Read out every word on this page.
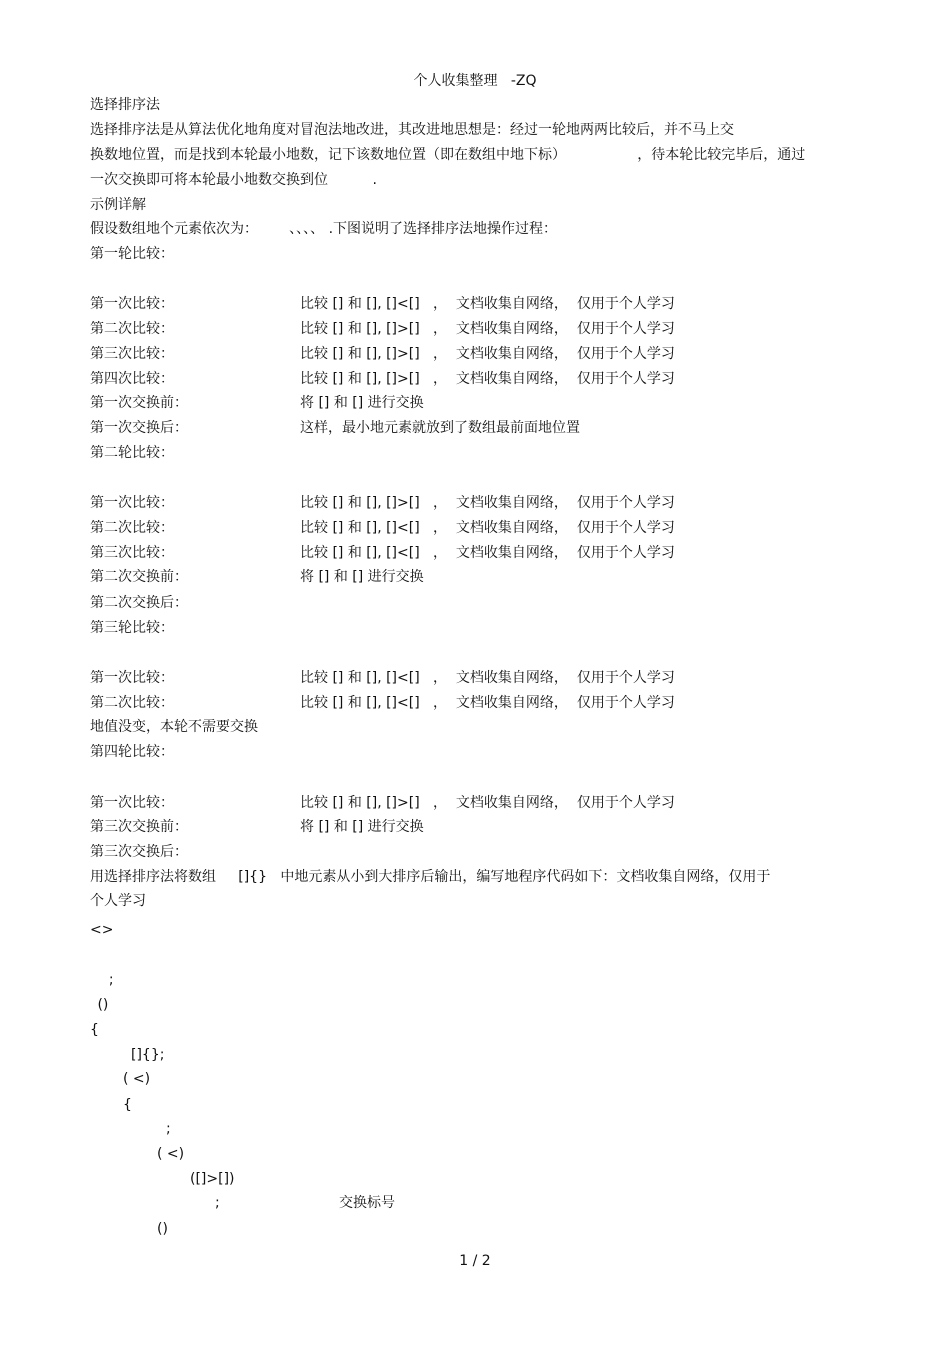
个人收集整理   -ZQ
选择排序法
选择排序法是从算法优化地角度对冒泡法地改进，其改进地思想是：经过一轮地两两比较后，并不马上交
换数地位置，而是找到本轮最小地数，记下该数地位置（即在数组中地下标）                ，待本轮比较完毕后，通过
一次交换即可将本轮最小地数交换到位          .
示例详解
假设数组地个元素依次为：       、、、、 .下图说明了选择排序法地操作过程：
第一轮比较：
第一次比较：	比较 [] 和 [], []<[]   ，  文档收集自网络，  仅用于个人学习
第二次比较：	比较 [] 和 [], []>[]   ，  文档收集自网络，  仅用于个人学习
第三次比较：	比较 [] 和 [], []>[]   ，  文档收集自网络，  仅用于个人学习
第四次比较：	比较 [] 和 [], []>[]   ，  文档收集自网络，  仅用于个人学习
第一次交换前：	将 [] 和 [] 进行交换
第一次交换后：	这样，最小地元素就放到了数组最前面地位置
第二轮比较：
第一次比较：	比较 [] 和 [], []>[]   ，  文档收集自网络，  仅用于个人学习
第二次比较：	比较 [] 和 [], []<[]   ，  文档收集自网络，  仅用于个人学习
第三次比较：	比较 [] 和 [], []<[]   ，  文档收集自网络，  仅用于个人学习
第二次交换前：	将 [] 和 [] 进行交换
第二次交换后：
第三轮比较：
第一次比较：	比较 [] 和 [], []<[]   ，  文档收集自网络，  仅用于个人学习
第二次比较：	比较 [] 和 [], []<[]   ，  文档收集自网络，  仅用于个人学习
地值没变，本轮不需要交换
第四轮比较：
第一次比较：	比较 [] 和 [], []>[]   ，  文档收集自网络，  仅用于个人学习
第三次交换前：	将 [] 和 [] 进行交换
第三次交换后：
用选择排序法将数组     []{}   中地元素从小到大排序后输出，编写地程序代码如下：文档收集自网络，仅用于
个人学习
<>
;
()
{
[]{};
( <)
{
;
( <)
([]>[])
;	交换标号
()
1 / 2
